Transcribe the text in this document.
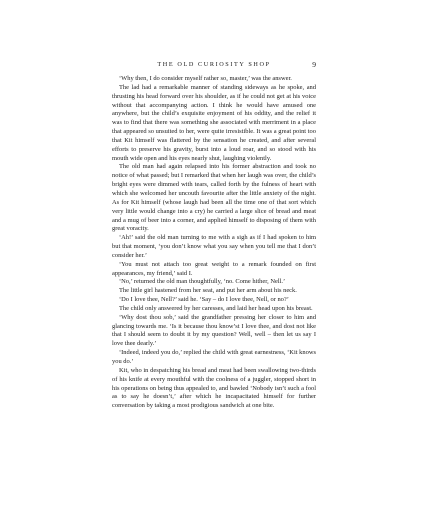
THE OLD CURIOSITY SHOP	9

‘Why then, I do consider myself rather so, master,’ was the answer.

The lad had a remarkable manner of standing sideways as he spoke, and thrusting his head forward over his shoulder, as if he could not get at his voice without that accompanying action. I think he would have amused one anywhere, but the child’s exquisite enjoyment of his oddity, and the relief it was to find that there was something she associated with merriment in a place that appeared so unsuited to her, were quite irresistible. It was a great point too that Kit himself was flattered by the sensation he created, and after several efforts to preserve his gravity, burst into a loud roar, and so stood with his mouth wide open and his eyes nearly shut, laughing violently.

The old man had again relapsed into his former abstraction and took no notice of what passed; but I remarked that when her laugh was over, the child’s bright eyes were dimmed with tears, called forth by the fulness of heart with which she welcomed her uncouth favourite after the little anxiety of the night. As for Kit himself (whose laugh had been all the time one of that sort which very little would change into a cry) he carried a large slice of bread and meat and a mug of beer into a corner, and applied himself to disposing of them with great voracity.

‘Ah!’ said the old man turning to me with a sigh as if I had spoken to him but that moment, ‘you don’t know what you say when you tell me that I don’t consider her.’

‘You must not attach too great weight to a remark founded on first appearances, my friend,’ said I.

‘No,’ returned the old man thoughtfully, ‘no. Come hither, Nell.’

The little girl hastened from her seat, and put her arm about his neck.

‘Do I love thee, Nell?’ said he. ‘Say – do I love thee, Nell, or no?’

The child only answered by her caresses, and laid her head upon his breast.

‘Why dost thou sob,’ said the grandfather pressing her closer to him and glancing towards me. ‘Is it because thou know’st I love thee, and dost not like that I should seem to doubt it by my question? Well, well – then let us say I love thee dearly.’

‘Indeed, indeed you do,’ replied the child with great earnestness, ‘Kit knows you do.’

Kit, who in despatching his bread and meat had been swallowing two-thirds of his knife at every mouthful with the coolness of a juggler, stopped short in his operations on being thus appealed to, and bawled ‘Nobody isn’t such a fool as to say he doesn’t,’ after which he incapacitated himself for further conversation by taking a most prodigious sandwich at one bite.
